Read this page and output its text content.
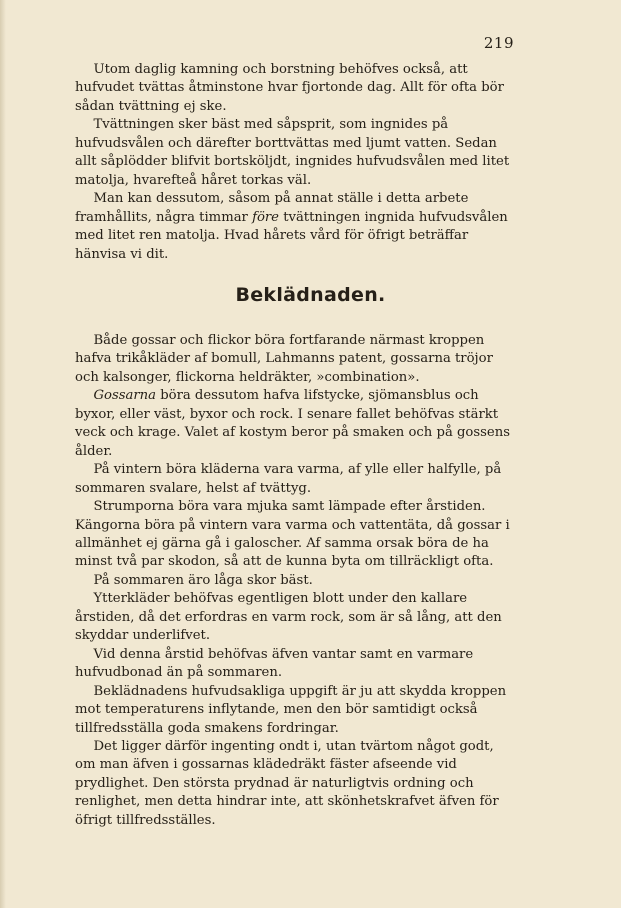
219
Utom daglig kamning och borstning behöfves också, att hufvudet tvättas åtminstone hvar fjortonde dag. Allt för ofta bör sådan tvättning ej ske.
Tvättningen sker bäst med såpsprit, som ingnides på hufvudsvålen och därefter borttvättas med ljumt vatten. Sedan allt såplödder blifvit bortsköljdt, ingnides hufvudsvålen med litet matolja, hvarefteå håret torkas väl.
Man kan dessutom, såsom på annat ställe i detta arbete framhållits, några timmar före tvättningen ingnida hufvudsvålen med litet ren matolja. Hvad hårets vård för öfrigt beträffar hänvisa vi dit.
Beklädnaden.
Både gossar och flickor böra fortfarande närmast kroppen hafva trikåkläder af bomull, Lahmanns patent, gossarna tröjor och kalsonger, flickorna heldräkter, »combination».
Gossarna böra dessutom hafva lifstycke, sjömansblus och byxor, eller väst, byxor och rock. I senare fallet behöfvas stärkt veck och krage. Valet af kostym beror på smaken och på gossens ålder.
På vintern böra kläderna vara varma, af ylle eller halfylle, på sommaren svalare, helst af tvättyg.
Strumporna böra vara mjuka samt lämpade efter årstiden.
Kängorna böra på vintern vara varma och vattentäta, då gossar i allmänhet ej gärna gå i galoscher. Af samma orsak böra de ha minst två par skodon, så att de kunna byta om tillräckligt ofta.
På sommaren äro låga skor bäst.
Ytterkläder behöfvas egentligen blott under den kallare årstiden, då det erfordras en varm rock, som är så lång, att den skyddar underlifvet.
Vid denna årstid behöfvas äfven vantar samt en varmare hufvudbonad än på sommaren.
Beklädnadens hufvudsakliga uppgift är ju att skydda kroppen mot temperaturens inflytande, men den bör samtidigt också tillfredsställa goda smakens fordringar.
Det ligger därför ingenting ondt i, utan tvärtom något godt, om man äfven i gossarnas klädedräkt fäster afseende vid prydlighet. Den största prydnad är naturligtvis ordning och renlighet, men detta hindrar inte, att skönhetskrafvet äfven för öfrigt tillfredsställes.
